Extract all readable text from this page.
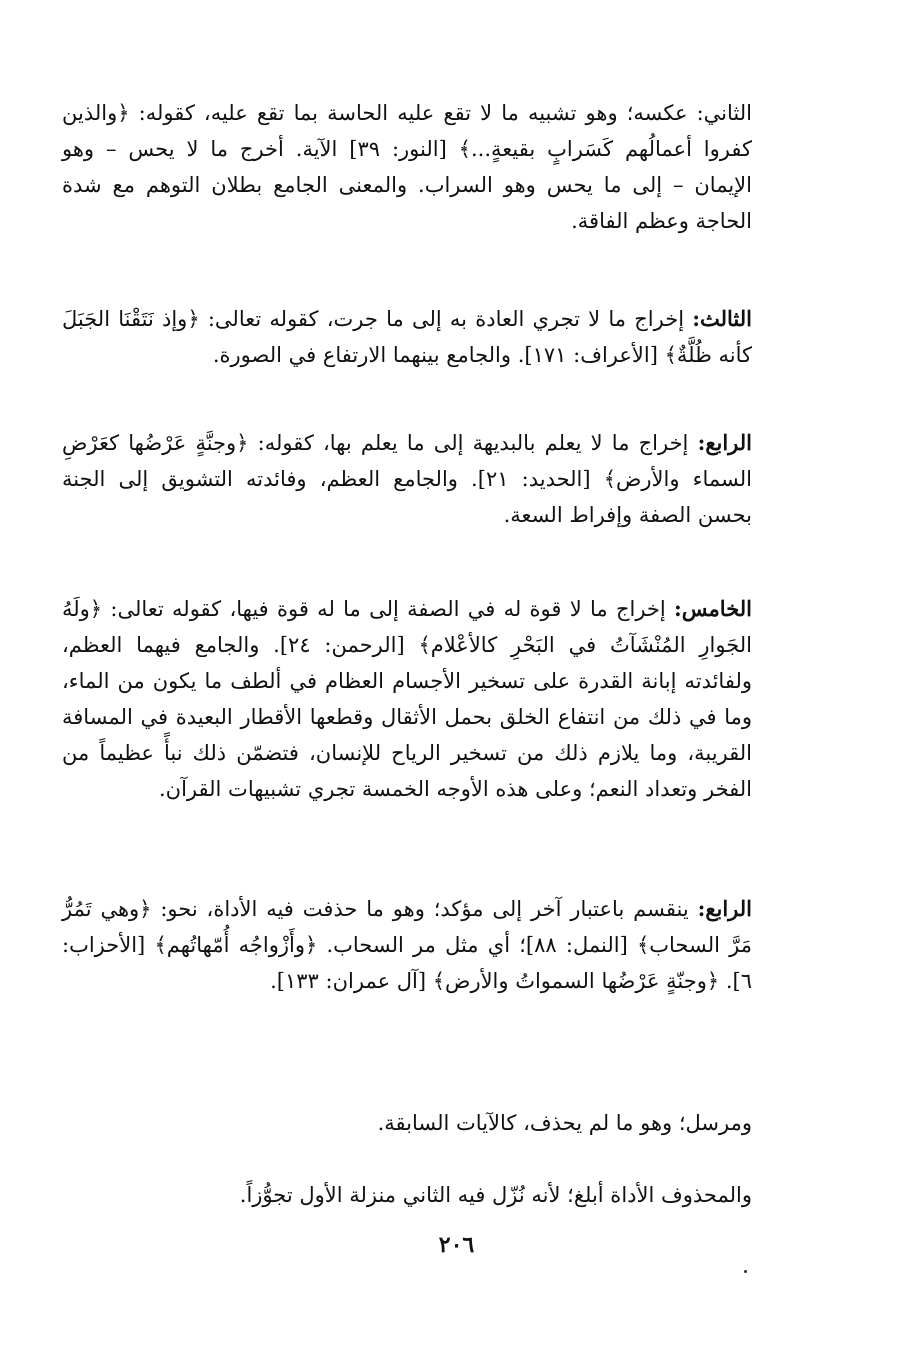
الثاني: عكسه؛ وهو تشبيه ما لا تقع عليه الحاسة بما تقع عليه، كقوله: ﴿والذين كفروا أعمالُهم كَسَرابٍ بقيعةٍ...﴾ [النور: ٣٩] الآية. أخرج ما لا يحس – وهو الإيمان – إلى ما يحس وهو السراب. والمعنى الجامع بطلان التوهم مع شدة الحاجة وعظم الفاقة.

الثالث: إخراج ما لا تجري العادة به إلى ما جرت، كقوله تعالى: ﴿وإذ نَتَقْنَا الجَبَلَ كأنه ظُلَّةٌ﴾ [الأعراف: ١٧١]. والجامع بينهما الارتفاع في الصورة.

الرابع: إخراج ما لا يعلم بالبديهة إلى ما يعلم بها، كقوله: ﴿وجنَّةٍ عَرْضُها كعَرْضِ السماء والأرض﴾ [الحديد: ٢١]. والجامع العظم، وفائدته التشويق إلى الجنة بحسن الصفة وإفراط السعة.

الخامس: إخراج ما لا قوة له في الصفة إلى ما له قوة فيها، كقوله تعالى: ﴿ولَهُ الجَوارِ المُنْشَآتُ في البَحْرِ كالأعْلام﴾ [الرحمن: ٢٤]. والجامع فيهما العظم، ولفائدته إبانة القدرة على تسخير الأجسام العظام في ألطف ما يكون من الماء، وما في ذلك من انتفاع الخلق بحمل الأثقال وقطعها الأقطار البعيدة في المسافة القريبة، وما يلازم ذلك من تسخير الرياح للإنسان، فتضمّن ذلك نبأً عظيماً من الفخر وتعداد النعم؛ وعلى هذه الأوجه الخمسة تجري تشبيهات القرآن.

الرابع: ينقسم باعتبار آخر إلى مؤكد؛ وهو ما حذفت فيه الأداة، نحو: ﴿وهي تَمُرُّ مَرَّ السحاب﴾ [النمل: ٨٨]؛ أي مثل مر السحاب. ﴿وأَزْواجُه أُمّهاتُهم﴾ [الأحزاب: ٦]. ﴿وجنّةٍ عَرْضُها السمواتُ والأرض﴾ [آل عمران: ١٣٣].

ومرسل؛ وهو ما لم يحذف، كالآيات السابقة.

والمحذوف الأداة أبلغ؛ لأنه نُزّل فيه الثاني منزلة الأول تجوُّزاً.

٢٠٦
